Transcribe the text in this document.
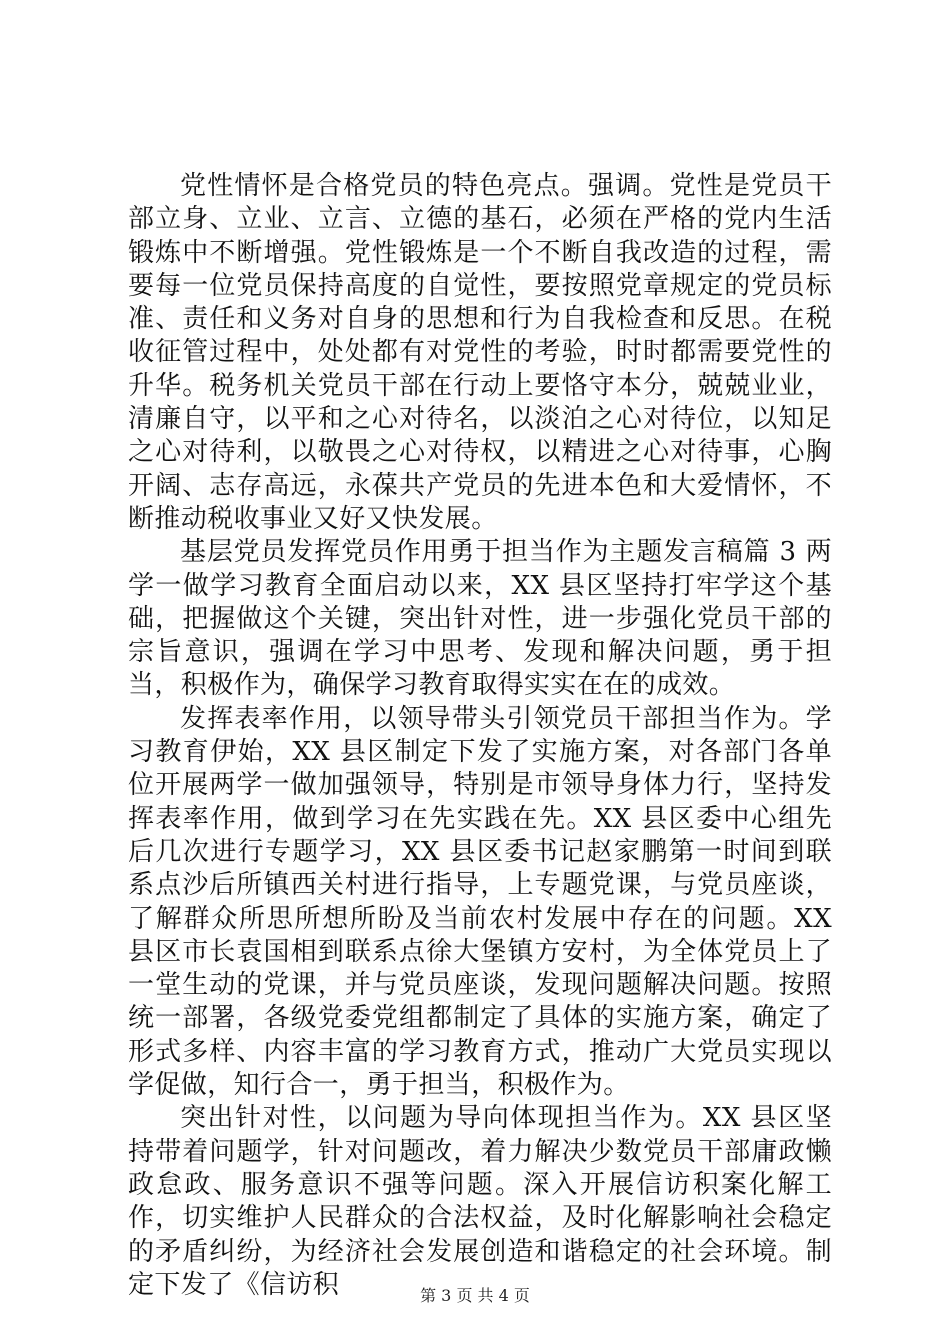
党性情怀是合格党员的特色亮点。强调。党性是党员干部立身、立业、立言、立德的基石，必须在严格的党内生活锻炼中不断增强。党性锻炼是一个不断自我改造的过程，需要每一位党员保持高度的自觉性，要按照党章规定的党员标准、责任和义务对自身的思想和行为自我检查和反思。在税收征管过程中，处处都有对党性的考验，时时都需要党性的升华。税务机关党员干部在行动上要恪守本分，兢兢业业，清廉自守，以平和之心对待名，以淡泊之心对待位，以知足之心对待利，以敬畏之心对待权，以精进之心对待事，心胸开阔、志存高远，永葆共产党员的先进本色和大爱情怀，不断推动税收事业又好又快发展。

基层党员发挥党员作用勇于担当作为主题发言稿篇 3 两学一做学习教育全面启动以来，XX 县区坚持打牢学这个基础，把握做这个关键，突出针对性，进一步强化党员干部的宗旨意识，强调在学习中思考、发现和解决问题，勇于担当，积极作为，确保学习教育取得实实在在的成效。

发挥表率作用，以领导带头引领党员干部担当作为。学习教育伊始，XX 县区制定下发了实施方案，对各部门各单位开展两学一做加强领导，特别是市领导身体力行，坚持发挥表率作用，做到学习在先实践在先。XX 县区委中心组先后几次进行专题学习，XX 县区委书记赵家鹏第一时间到联系点沙后所镇西关村进行指导，上专题党课，与党员座谈，了解群众所思所想所盼及当前农村发展中存在的问题。XX 县区市长袁国相到联系点徐大堡镇方安村，为全体党员上了一堂生动的党课，并与党员座谈，发现问题解决问题。按照统一部署，各级党委党组都制定了具体的实施方案，确定了形式多样、内容丰富的学习教育方式，推动广大党员实现以学促做，知行合一，勇于担当，积极作为。

突出针对性，以问题为导向体现担当作为。XX 县区坚持带着问题学，针对问题改，着力解决少数党员干部庸政懒政怠政、服务意识不强等问题。深入开展信访积案化解工作，切实维护人民群众的合法权益，及时化解影响社会稳定的矛盾纠纷，为经济社会发展创造和谐稳定的社会环境。制定下发了《信访积	第 3 页 共 4 页
